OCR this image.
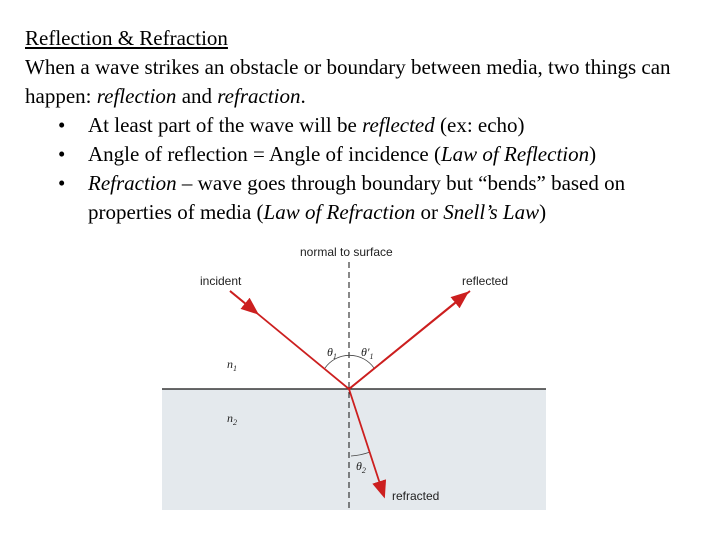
Reflection & Refraction
When a wave strikes an obstacle or boundary between media, two things can happen: reflection and refraction.
• At least part of the wave will be reflected (ex: echo)
• Angle of reflection = Angle of incidence (Law of Reflection)
• Refraction – wave goes through boundary but “bends” based on properties of media (Law of Refraction or Snell’s Law)
normal to surface
incident	reflected
refracted
$n_1$
$n_2$
$\theta_1$ $\theta'_1$
$\theta_2$
